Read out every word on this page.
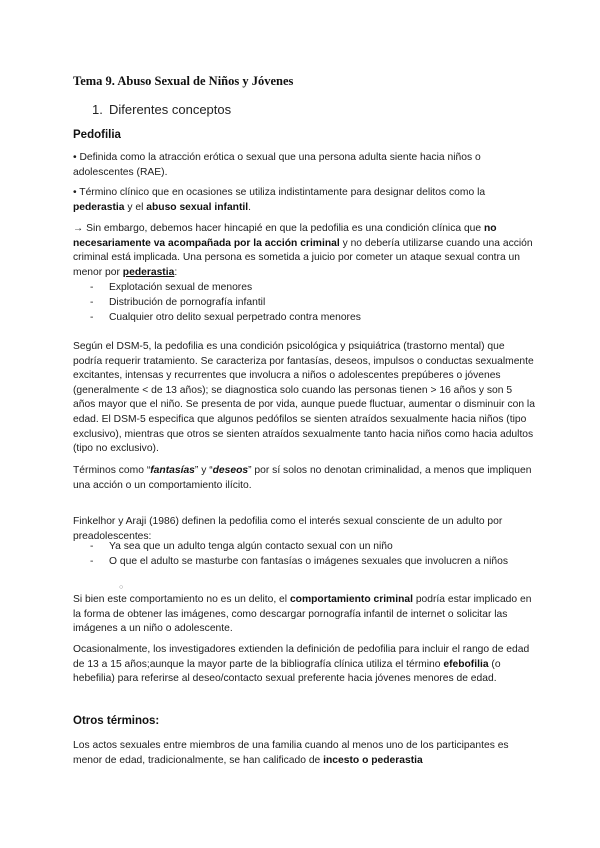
Tema 9. Abuso Sexual de Niños y Jóvenes
1. Diferentes conceptos
Pedofilia
• Definida como la atracción erótica o sexual que una persona adulta siente hacia niños o adolescentes (RAE).
• Término clínico que en ocasiones se utiliza indistintamente para designar delitos como la pederastia y el abuso sexual infantil.
→ Sin embargo, debemos hacer hincapié en que la pedofilia es una condición clínica que no necesariamente va acompañada por la acción criminal y no debería utilizarse cuando una acción criminal está implicada. Una persona es sometida a juicio por cometer un ataque sexual contra un menor por pederastia:
- Explotación sexual de menores
- Distribución de pornografía infantil
- Cualquier otro delito sexual perpetrado contra menores
Según el DSM-5, la pedofilia es una condición psicológica y psiquiátrica (trastorno mental) que podría requerir tratamiento. Se caracteriza por fantasías, deseos, impulsos o conductas sexualmente excitantes, intensas y recurrentes que involucra a niños o adolescentes prepúberes o jóvenes (generalmente < de 13 años); se diagnostica solo cuando las personas tienen > 16 años y son 5 años mayor que el niño. Se presenta de por vida, aunque puede fluctuar, aumentar o disminuir con la edad. El DSM-5 especifica que algunos pedófilos se sienten atraídos sexualmente hacia niños (tipo exclusivo), mientras que otros se sienten atraídos sexualmente tanto hacia niños como hacia adultos (tipo no exclusivo).
Términos como “fantasías” y “deseos” por sí solos no denotan criminalidad, a menos que impliquen una acción o un comportamiento ilícito.
Finkelhor y Araji (1986) definen la pedofilia como el interés sexual consciente de un adulto por preadolescentes:
- Ya sea que un adulto tenga algún contacto sexual con un niño
- O que el adulto se masturbe con fantasías o imágenes sexuales que involucren a niños
○
Si bien este comportamiento no es un delito, el comportamiento criminal podría estar implicado en la forma de obtener las imágenes, como descargar pornografía infantil de internet o solicitar las imágenes a un niño o adolescente.
Ocasionalmente, los investigadores extienden la definición de pedofilia para incluir el rango de edad de 13 a 15 años;aunque la mayor parte de la bibliografía clínica utiliza el término efebofilia (o hebefilia) para referirse al deseo/contacto sexual preferente hacia jóvenes menores de edad.
Otros términos:
Los actos sexuales entre miembros de una familia cuando al menos uno de los participantes es menor de edad, tradicionalmente, se han calificado de incesto o pederastia
